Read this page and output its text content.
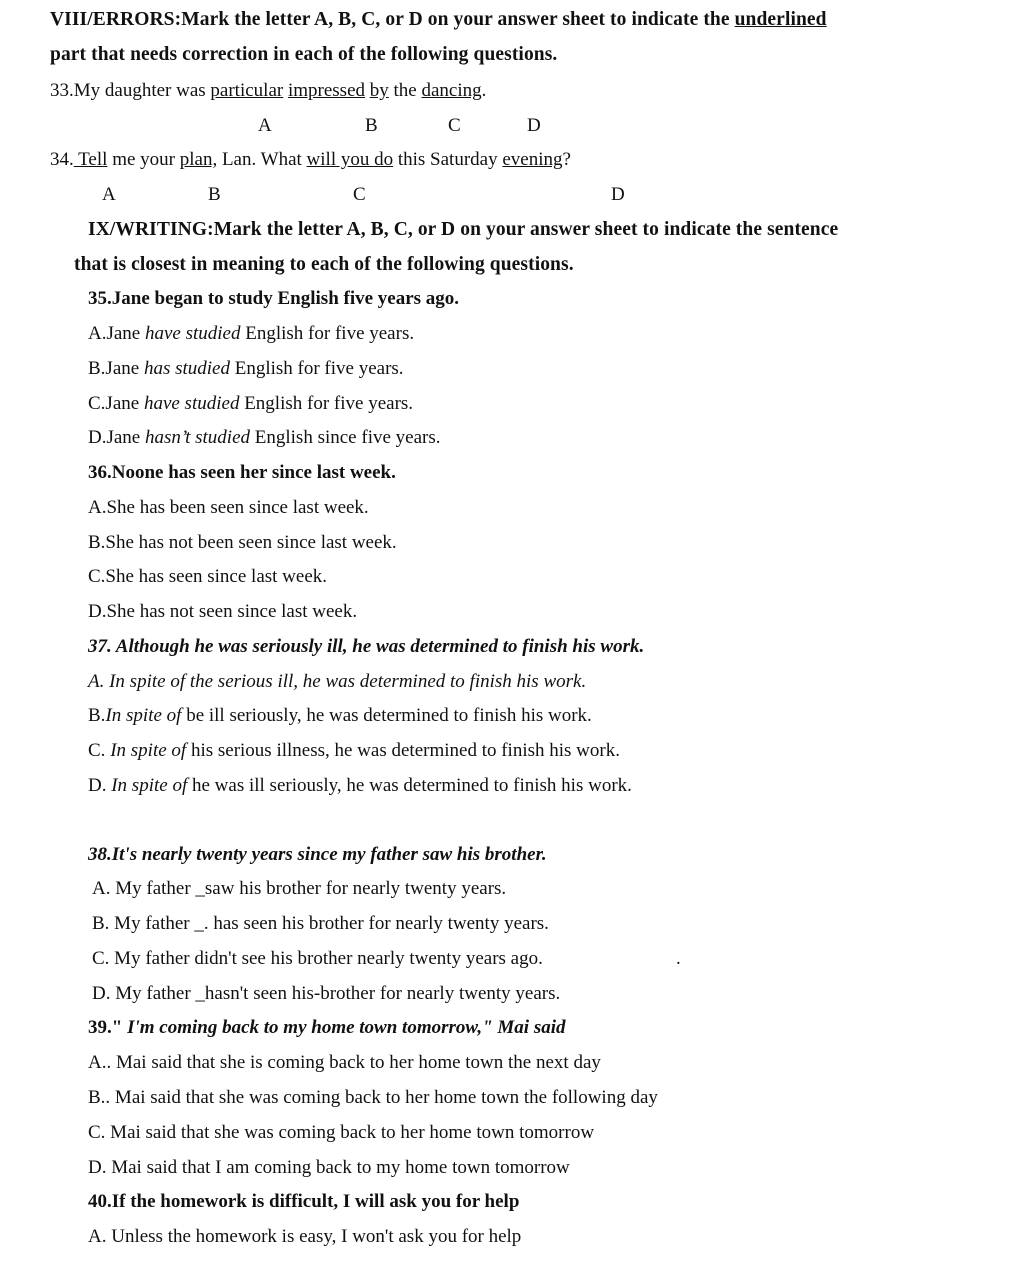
VIII/ERRORS:Mark the letter A, B, C, or D on your answer sheet to indicate the underlined
part that needs correction in each of the following questions.
33.My daughter was particular impressed by the dancing.
A	B	C	D
34. Tell me your plan, Lan. What will you do this Saturday evening?
A	B	C	D
IX/WRITING:Mark the letter A, B, C, or D on your answer sheet to indicate the sentence
that is closest in meaning to each of the following questions.
35.Jane began to study English five years ago.
A.Jane have studied English for five years.
B.Jane has studied English for five years.
C.Jane have studied English for five years.
D.Jane hasn’t studied English since five years.
36.Noone has seen her since last week.
A.She has been seen since last week.
B.She has not been seen since last week.
C.She has seen since last week.
D.She has not seen since last week.
37. Although he was seriously ill, he was determined to finish his work.
A. In spite of the serious ill, he was determined to finish his work.
B.In spite of be ill seriously, he was determined to finish his work.
C. In spite of his serious illness, he was determined to finish his work.
D. In spite of he was ill seriously, he was determined to finish his work.
38.It's nearly twenty years since my father saw his brother.
A. My father _saw his brother for nearly twenty years.
B. My father _. has seen his brother for nearly twenty years.
C. My father didn't see his brother nearly twenty years ago.	.
D. My father _hasn't seen his-brother for nearly twenty years.
39." I'm coming back to my home town tomorrow," Mai said
A.. Mai said that she is coming back to her home town the next day
B.. Mai said that she was coming back to her home town the following day
C. Mai said that she was coming back to her home town tomorrow
D. Mai said that I am coming back to my home town tomorrow
40.If the homework is difficult, I will ask you for help
A. Unless the homework is easy, I won't ask you for help
